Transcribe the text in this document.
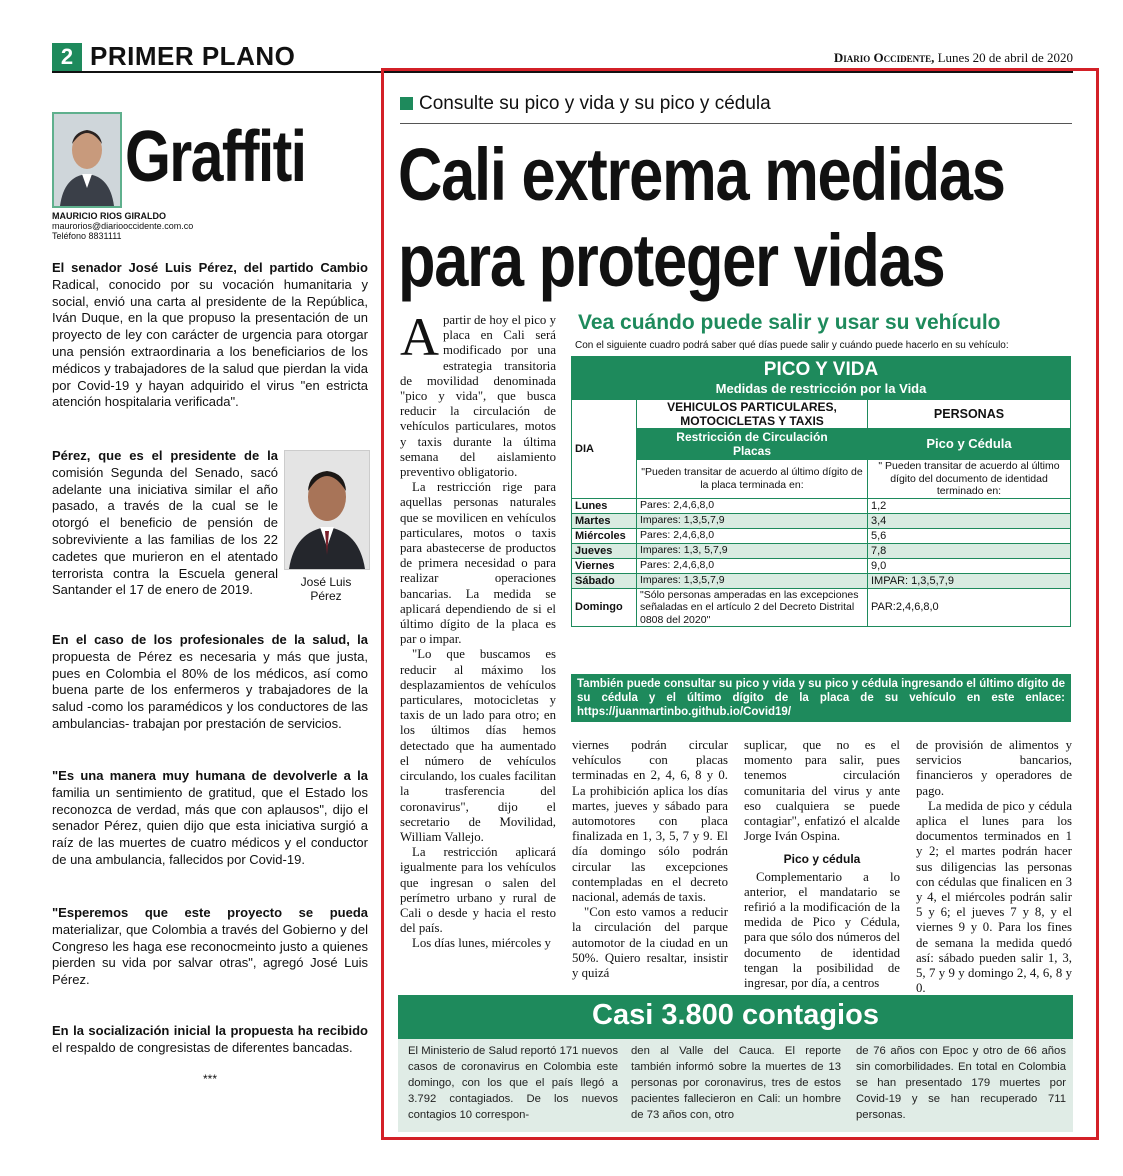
2 PRIMER PLANO	Diario Occidente, Lunes 20 de abril de 2020
Graffiti
MAURICIO RIOS GIRALDO
maurorios@diariooccidente.com.co
Teléfono 8831111

El senador José Luis Pérez, del partido Cambio Radical, conocido por su vocación humanitaria y social, envió una carta al presidente de la República, Iván Duque, en la que propuso la presentación de un proyecto de ley con carácter de urgencia para otorgar una pensión extraordinaria a los beneficiarios de los médicos y trabajadores de la salud que pierdan la vida por Covid-19 y hayan adquirido el virus "en estricta atención hospitalaria verificada".

Pérez, que es el presidente de la comisión Segunda del Senado, sacó adelante una iniciativa similar el año pasado, a través de la cual se le otorgó el beneficio de pensión de sobreviviente a las familias de los 22 cadetes que murieron en el atentado terrorista contra la Escuela general Santander el 17 de enero de 2019.

José Luis Pérez

En el caso de los profesionales de la salud, la propuesta de Pérez es necesaria y más que justa, pues en Colombia el 80% de los médicos, así como buena parte de los enfermeros y trabajadores de la salud -como los paramédicos y los conductores de las ambulancias- trabajan por prestación de servicios.

"Es una manera muy humana de devolverle a la familia un sentimiento de gratitud, que el Estado los reconozca de verdad, más que con aplausos", dijo el senador Pérez, quien dijo que esta iniciativa surgió a raíz de las muertes de cuatro médicos y el conductor de una ambulancia, fallecidos por Covid-19.

"Esperemos que este proyecto se pueda materializar, que Colombia a través del Gobierno y del Congreso les haga ese reconocmeinto justo a quienes pierden su vida por salvar otras", agregó José Luis Pérez.

En la socialización inicial la propuesta ha recibido el respaldo de congresistas de diferentes bancadas.

***
Consulte su pico y vida y su pico y cédula
Cali extrema medidas
para proteger vidas

Apartir de hoy el pico y placa en Cali será modificado por una estrategia transitoria de movilidad denominada "pico y vida", que busca reducir la circulación de vehículos particulares, motos y taxis durante la última semana del aislamiento preventivo obligatorio.

La restricción rige para aquellas personas naturales que se movilicen en vehículos particulares, motos o taxis para abastecerse de productos de primera necesidad o para realizar operaciones bancarias. La medida se aplicará dependiendo de si el último dígito de la placa es par o impar.

"Lo que buscamos es reducir al máximo los desplazamientos de vehículos particulares, motocicletas y taxis de un lado para otro; en los últimos días hemos detectado que ha aumentado el número de vehículos circulando, los cuales facilitan la trasferencia del coronavirus", dijo el secretario de Movilidad, William Vallejo.

La restricción aplicará igualmente para los vehículos que ingresan o salen del perímetro urbano y rural de Cali o desde y hacia el resto del país.

Los días lunes, miércoles y

viernes podrán circular vehículos con placas terminadas en 2, 4, 6, 8 y 0. La prohibición aplica los días martes, jueves y sábado para automotores con placa finalizada en 1, 3, 5, 7 y 9. El día domingo sólo podrán circular las excepciones contempladas en el decreto nacional, además de taxis.

"Con esto vamos a reducir la circulación del parque automotor de la ciudad en un 50%. Quiero resaltar, insistir y quizá

suplicar, que no es el momento para salir, pues tenemos circulación comunitaria del virus y ante eso cualquiera se puede contagiar", enfatizó el alcalde Jorge Iván Ospina.

Pico y cédula

Complementario a lo anterior, el mandatario se refirió a la modificación de la medida de Pico y Cédula, para que sólo dos números del documento de identidad tengan la posibilidad de ingresar, por día, a centros

de provisión de alimentos y servicios bancarios, financieros y operadores de pago.

La medida de pico y cédula aplica el lunes para los documentos terminados en 1 y 2; el martes podrán hacer sus diligencias las personas con cédulas que finalicen en 3 y 4, el miércoles podrán salir 5 y 6; el jueves 7 y 8, y el viernes 9 y 0. Para los fines de semana la medida quedó así: sábado pueden salir 1, 3, 5, 7 y 9 y domingo 2, 4, 6, 8 y 0.

Vea cuándo puede salir y usar su vehículo
Con el siguiente cuadro podrá saber qué días puede salir y cuándo puede hacerlo en su vehículo:
PICO Y VIDA		
Medidas de restricción por la Vida		
DIA	VEHICULOS PARTICULARES, MOTOCICLETAS Y TAXIS	PERSONAS
	Restricción de Circulación Placas	Pico y Cédula
	"Pueden transitar de acuerdo al último dígito de la placa terminada en:	" Pueden transitar de acuerdo al último dígito del documento de identidad terminado en:
Lunes	Pares: 2,4,6,8,0	1,2
Martes	Impares: 1,3,5,7,9	3,4
Miércoles	Pares: 2,4,6,8,0	5,6
Jueves	Impares: 1,3, 5,7,9	7,8
Viernes	Pares: 2,4,6,8,0	9,0
Sábado	Impares: 1,3,5,7,9	IMPAR: 1,3,5,7,9
Domingo	"Sólo personas amperadas en las excepciones señaladas en el artículo 2 del Decreto Distrital 0808 del 2020"	PAR:2,4,6,8,0
También puede consultar su pico y vida y su pico y cédula ingresando el último dígito de su cédula y el último dígito de la placa de su vehículo en este enlace: https://juanmartinbo.github.io/Covid19/
Casi 3.800 contagios
El Ministerio de Salud reportó 171 nuevos casos de coronavirus en Colombia este domingo, con los que el país llegó a 3.792 contagiados. De los nuevos contagios 10 correspon-
den al Valle del Cauca. El reporte también informó sobre la muertes de 13 personas por coronavirus, tres de estos pacientes fallecieron en Cali: un hombre de 73 años con, otro
de 76 años con Epoc y otro de 66 años sin comorbilidades. En total en Colombia se han presentado 179 muertes por Covid-19 y se han recuperado 711 personas.
